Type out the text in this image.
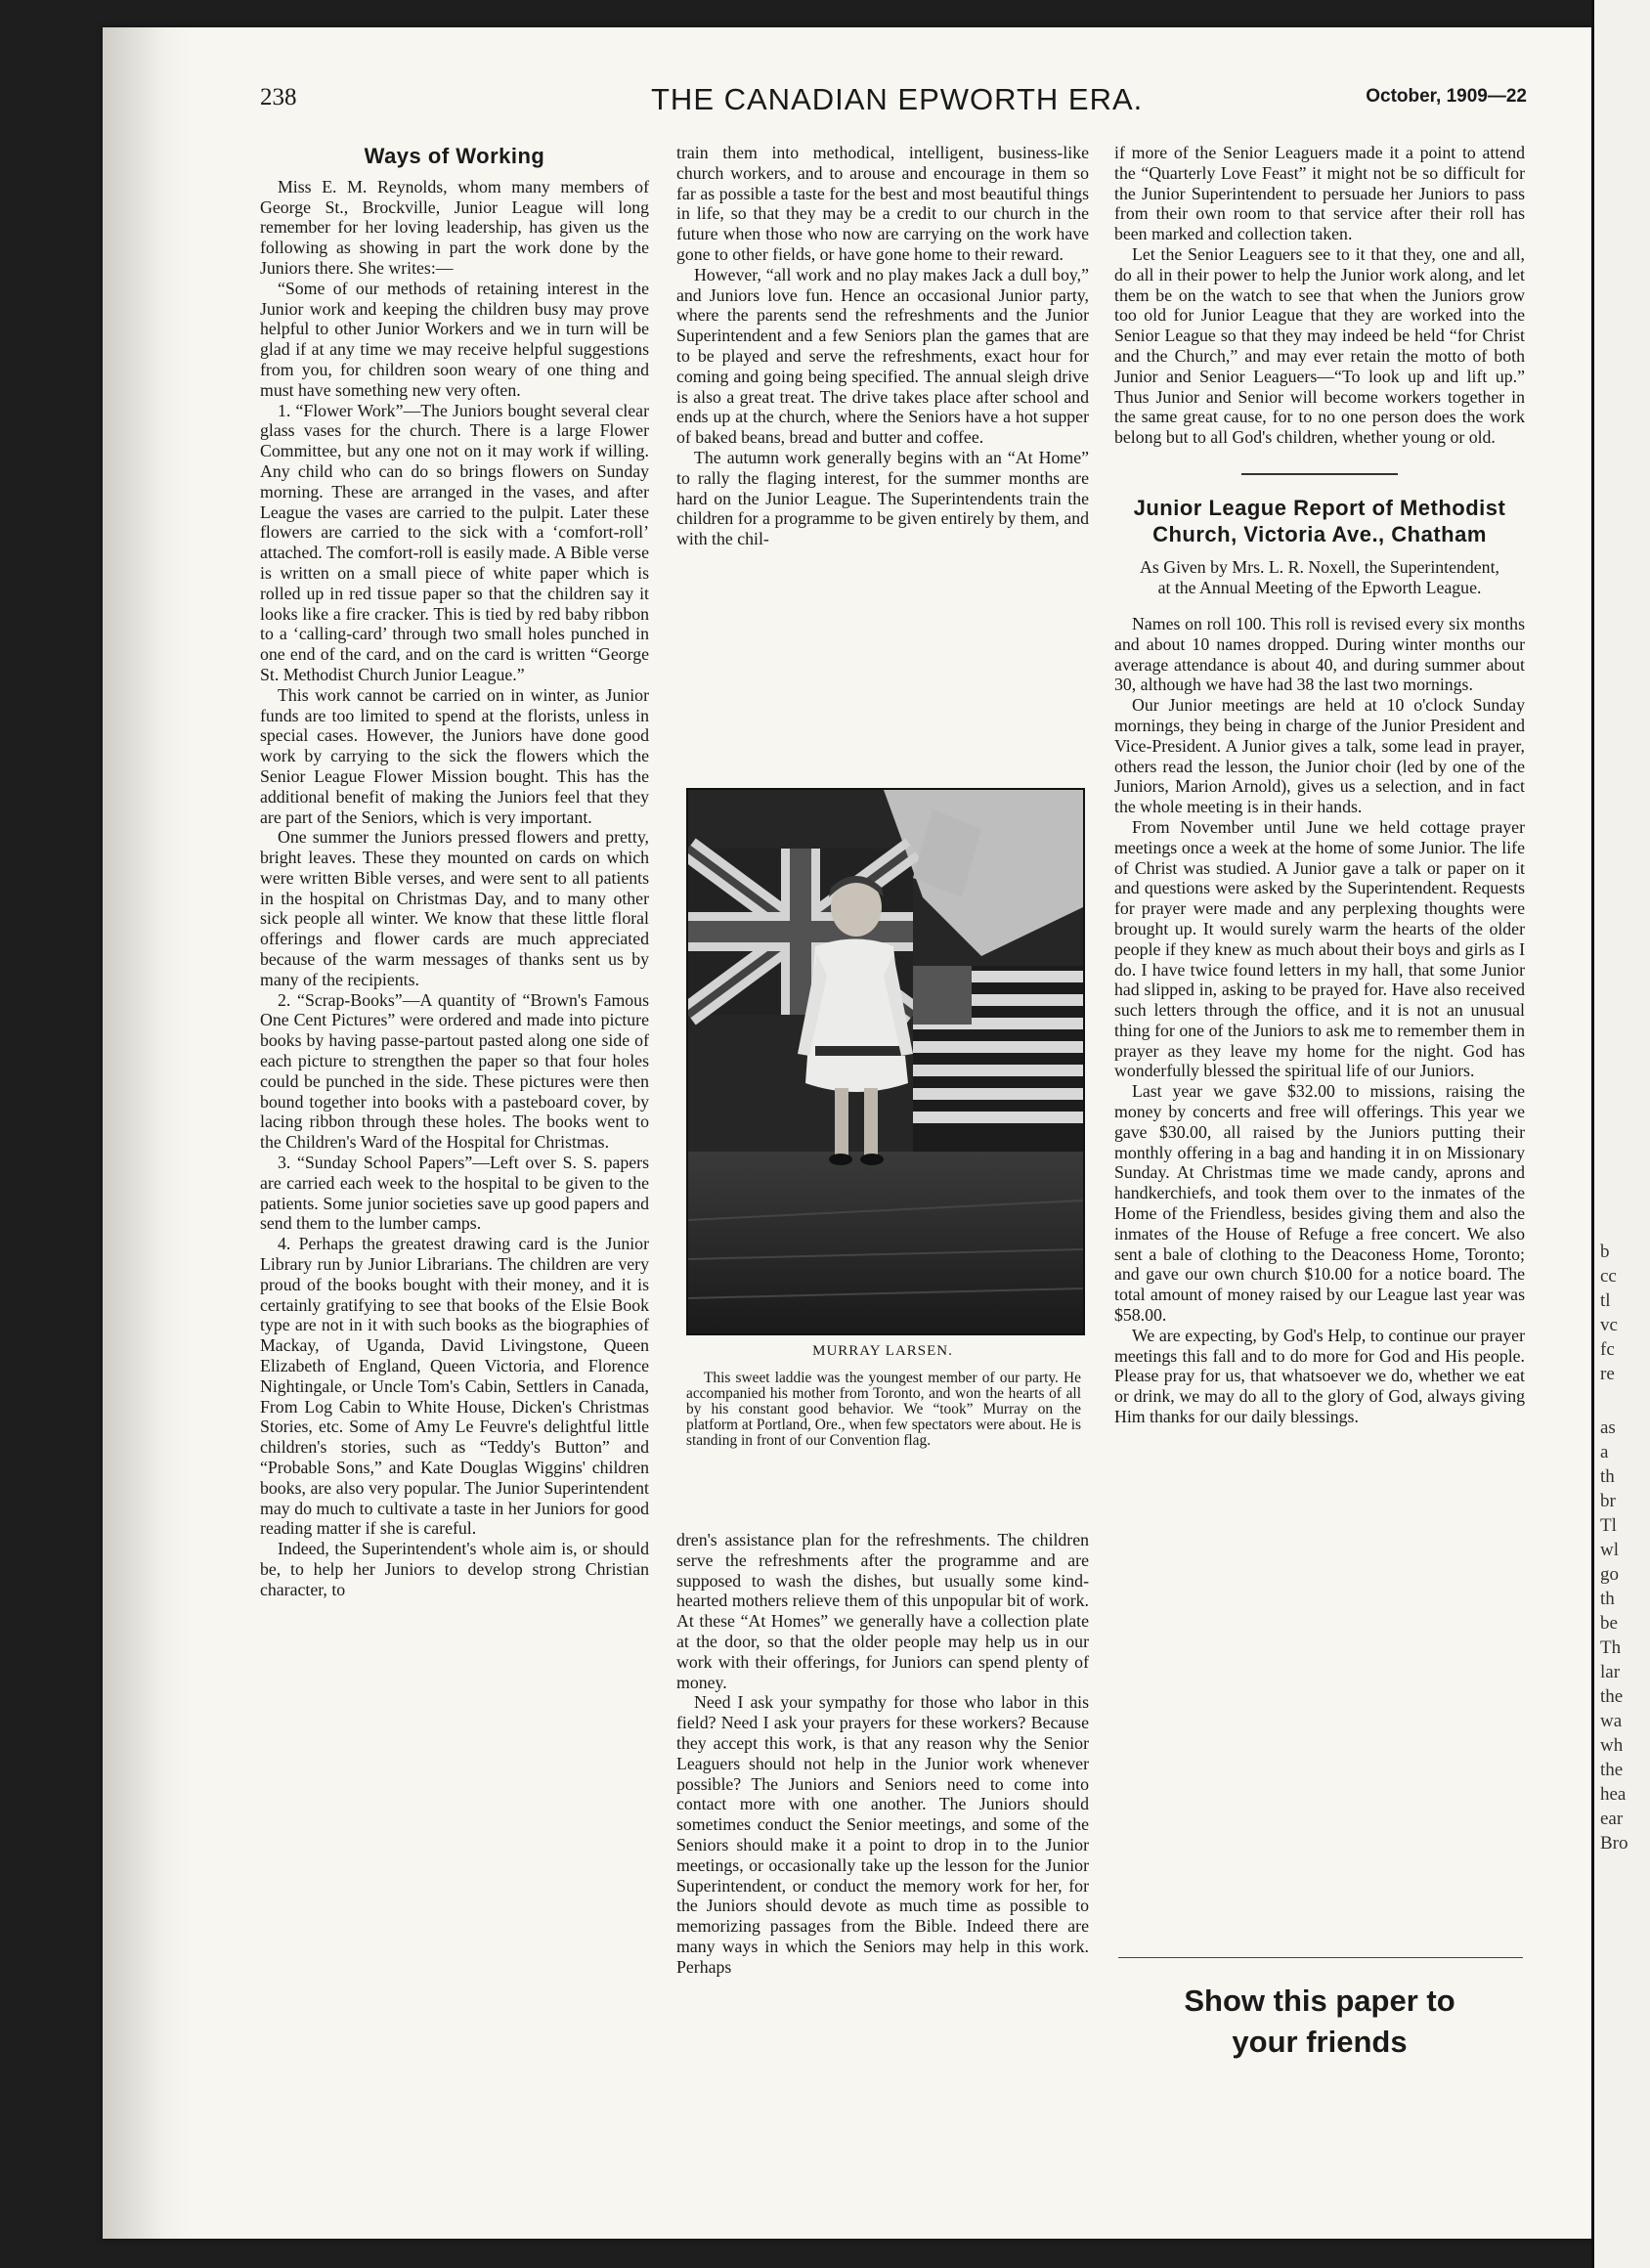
b
cc
tl
vc
fc
re
as
a
th
br
Tl
wl
go
th
be
Th
lar
the
wa
wh
the
hea
ear
Bro
238	THE CANADIAN EPWORTH ERA.	October, 1909—22
Ways of Working

Miss E. M. Reynolds, whom many members of George St., Brockville, Junior League will long remember for her loving leadership, has given us the following as showing in part the work done by the Juniors there. She writes:—

“Some of our methods of retaining interest in the Junior work and keeping the children busy may prove helpful to other Junior Workers and we in turn will be glad if at any time we may receive helpful suggestions from you, for children soon weary of one thing and must have something new very often.

1. “Flower Work”—The Juniors bought several clear glass vases for the church. There is a large Flower Committee, but any one not on it may work if willing. Any child who can do so brings flowers on Sunday morning. These are arranged in the vases, and after League the vases are carried to the pulpit. Later these flowers are carried to the sick with a ‘comfort-roll’ attached. The comfort-roll is easily made. A Bible verse is written on a small piece of white paper which is rolled up in red tissue paper so that the children say it looks like a fire cracker. This is tied by red baby ribbon to a ‘calling-card’ through two small holes punched in one end of the card, and on the card is written “George St. Methodist Church Junior League.”

This work cannot be carried on in winter, as Junior funds are too limited to spend at the florists, unless in special cases. However, the Juniors have done good work by carrying to the sick the flowers which the Senior League Flower Mission bought. This has the additional benefit of making the Juniors feel that they are part of the Seniors, which is very important.

One summer the Juniors pressed flowers and pretty, bright leaves. These they mounted on cards on which were written Bible verses, and were sent to all patients in the hospital on Christmas Day, and to many other sick people all winter. We know that these little floral offerings and flower cards are much appreciated because of the warm messages of thanks sent us by many of the recipients.

2. “Scrap-Books”—A quantity of “Brown's Famous One Cent Pictures” were ordered and made into picture books by having passe-partout pasted along one side of each picture to strengthen the paper so that four holes could be punched in the side. These pictures were then bound together into books with a pasteboard cover, by lacing ribbon through these holes. The books went to the Children's Ward of the Hospital for Christmas.

3. “Sunday School Papers”—Left over S. S. papers are carried each week to the hospital to be given to the patients. Some junior societies save up good papers and send them to the lumber camps.

4. Perhaps the greatest drawing card is the Junior Library run by Junior Librarians. The children are very proud of the books bought with their money, and it is certainly gratifying to see that books of the Elsie Book type are not in it with such books as the biographies of Mackay, of Uganda, David Livingstone, Queen Elizabeth of England, Queen Victoria, and Florence Nightingale, or Uncle Tom's Cabin, Settlers in Canada, From Log Cabin to White House, Dicken's Christmas Stories, etc. Some of Amy Le Feuvre's delightful little children's stories, such as “Teddy's Button” and “Probable Sons,” and Kate Douglas Wiggins' children books, are also very popular. The Junior Superintendent may do much to cultivate a taste in her Juniors for good reading matter if she is careful.

Indeed, the Superintendent's whole aim is, or should be, to help her Juniors to develop strong Christian character, to

train them into methodical, intelligent, business-like church workers, and to arouse and encourage in them so far as possible a taste for the best and most beautiful things in life, so that they may be a credit to our church in the future when those who now are carrying on the work have gone to other fields, or have gone home to their reward.

However, “all work and no play makes Jack a dull boy,” and Juniors love fun. Hence an occasional Junior party, where the parents send the refreshments and the Junior Superintendent and a few Seniors plan the games that are to be played and serve the refreshments, exact hour for coming and going being specified. The annual sleigh drive is also a great treat. The drive takes place after school and ends up at the church, where the Seniors have a hot supper of baked beans, bread and butter and coffee.

The autumn work generally begins with an “At Home” to rally the flaging interest, for the summer months are hard on the Junior League. The Superintendents train the children for a programme to be given entirely by them, and with the chil-

MURRAY LARSEN.

This sweet laddie was the youngest member of our party. He accompanied his mother from Toronto, and won the hearts of all by his constant good behavior. We “took” Murray on the platform at Portland, Ore., when few spectators were about. He is standing in front of our Convention flag.

dren's assistance plan for the refreshments. The children serve the refreshments after the programme and are supposed to wash the dishes, but usually some kind-hearted mothers relieve them of this unpopular bit of work. At these “At Homes” we generally have a collection plate at the door, so that the older people may help us in our work with their offerings, for Juniors can spend plenty of money.

Need I ask your sympathy for those who labor in this field? Need I ask your prayers for these workers? Because they accept this work, is that any reason why the Senior Leaguers should not help in the Junior work whenever possible? The Juniors and Seniors need to come into contact more with one another. The Juniors should sometimes conduct the Senior meetings, and some of the Seniors should make it a point to drop in to the Junior meetings, or occasionally take up the lesson for the Junior Superintendent, or conduct the memory work for her, for the Juniors should devote as much time as possible to memorizing passages from the Bible. Indeed there are many ways in which the Seniors may help in this work. Perhaps

if more of the Senior Leaguers made it a point to attend the “Quarterly Love Feast” it might not be so difficult for the Junior Superintendent to persuade her Juniors to pass from their own room to that service after their roll has been marked and collection taken.

Let the Senior Leaguers see to it that they, one and all, do all in their power to help the Junior work along, and let them be on the watch to see that when the Juniors grow too old for Junior League that they are worked into the Senior League so that they may indeed be held “for Christ and the Church,” and may ever retain the motto of both Junior and Senior Leaguers—“To look up and lift up.” Thus Junior and Senior will become workers together in the same great cause, for to no one person does the work belong but to all God's children, whether young or old.

Junior League Report of Methodist Church, Victoria Ave., Chatham
As Given by Mrs. L. R. Noxell, the Superintendent, at the Annual Meeting of the Epworth League.

Names on roll 100. This roll is revised every six months and about 10 names dropped. During winter months our average attendance is about 40, and during summer about 30, although we have had 38 the last two mornings.

Our Junior meetings are held at 10 o'clock Sunday mornings, they being in charge of the Junior President and Vice-President. A Junior gives a talk, some lead in prayer, others read the lesson, the Junior choir (led by one of the Juniors, Marion Arnold), gives us a selection, and in fact the whole meeting is in their hands.

From November until June we held cottage prayer meetings once a week at the home of some Junior. The life of Christ was studied. A Junior gave a talk or paper on it and questions were asked by the Superintendent. Requests for prayer were made and any perplexing thoughts were brought up. It would surely warm the hearts of the older people if they knew as much about their boys and girls as I do. I have twice found letters in my hall, that some Junior had slipped in, asking to be prayed for. Have also received such letters through the office, and it is not an unusual thing for one of the Juniors to ask me to remember them in prayer as they leave my home for the night. God has wonderfully blessed the spiritual life of our Juniors.

Last year we gave $32.00 to missions, raising the money by concerts and free will offerings. This year we gave $30.00, all raised by the Juniors putting their monthly offering in a bag and handing it in on Missionary Sunday. At Christmas time we made candy, aprons and handkerchiefs, and took them over to the inmates of the Home of the Friendless, besides giving them and also the inmates of the House of Refuge a free concert. We also sent a bale of clothing to the Deaconess Home, Toronto; and gave our own church $10.00 for a notice board. The total amount of money raised by our League last year was $58.00.

We are expecting, by God's Help, to continue our prayer meetings this fall and to do more for God and His people. Please pray for us, that whatsoever we do, whether we eat or drink, we may do all to the glory of God, always giving Him thanks for our daily blessings.

Show this paper to
your friends
